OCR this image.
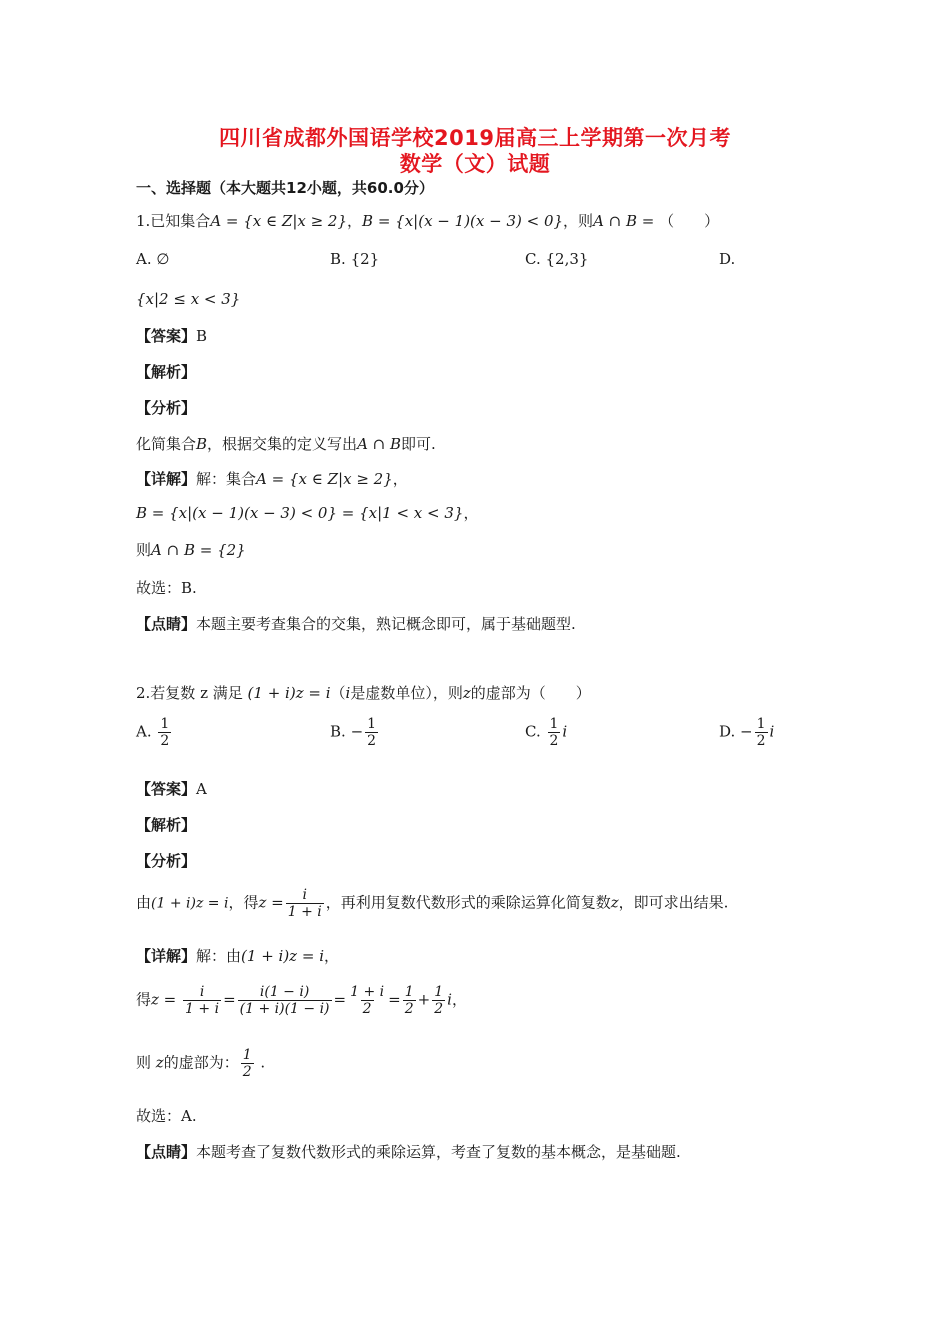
四川省成都外国语学校2019届高三上学期第一次月考
数学（文）试题
一、选择题（本大题共12小题，共60.0分）
1.已知集合A = {x ∈ Z|x ≥ 2}，B = {x|(x − 1)(x − 3) < 0}，则A ∩ B = （　　）
A. ∅	B. {2}	C. {2,3}	D.
{x|2 ≤ x < 3}
【答案】B
【解析】
【分析】
化简集合B，根据交集的定义写出A ∩ B即可.
【详解】解：集合A = {x ∈ Z|x ≥ 2}，
B = {x|(x − 1)(x − 3) < 0} = {x|1 < x < 3}，
则A ∩ B = {2}
故选：B.
【点睛】本题主要考查集合的交集，熟记概念即可，属于基础题型.
2.若复数 z 满足 (1 + i)z = i（i是虚数单位），则z的虚部为（　　）
A. $\frac{1}{2}$	B. − $\frac{1}{2}$	C. $\frac{1}{2}$ i	D. − $\frac{1}{2}$ i
【答案】A
【解析】
【分析】
由(1 + i)z = i，得$z = \frac{i}{1 + i}$ ，再利用复数代数形式的乘除运算化简复数z，即可求出结果.
【详解】解：由(1 + i)z = i，
得$z = \frac{i}{1 + i} = \frac{i(1 - i)}{(1 + i)(1 - i)} = \frac{1 + i}{2} = \frac{1}{2} + \frac{1}{2}$ i，
则 z的虚部为： $\frac{1}{2}$ .
故选：A.
【点睛】本题考查了复数代数形式的乘除运算，考查了复数的基本概念，是基础题.
